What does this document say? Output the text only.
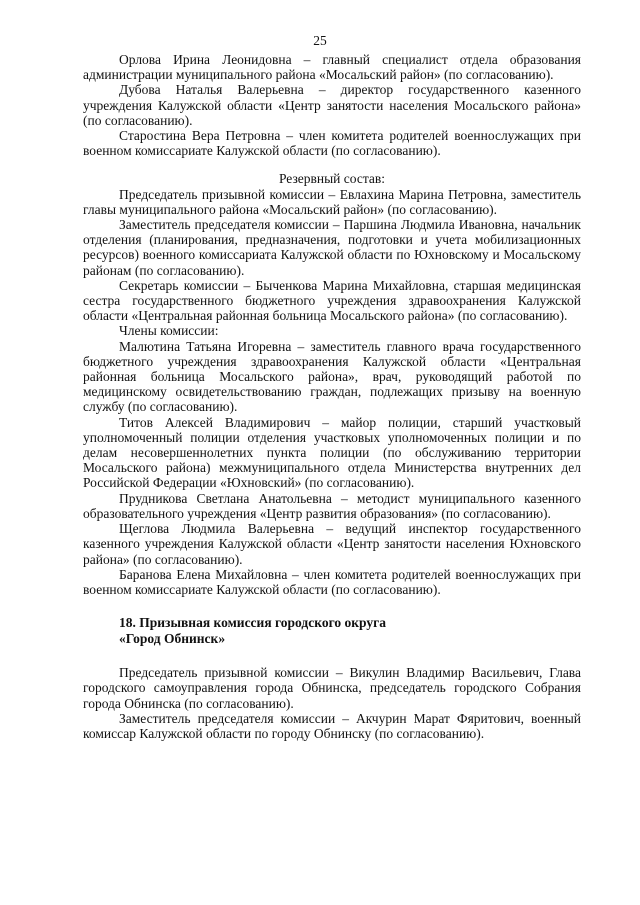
25

Орлова Ирина Леонидовна – главный специалист отдела образования администрации муниципального района «Мосальский район» (по согласованию).

Дубова Наталья Валерьевна – директор государственного казенного учреждения Калужской области «Центр занятости населения Мосальского района» (по согласованию).

Старостина Вера Петровна – член комитета родителей военнослужащих при военном комиссариате Калужской области (по согласованию).

Резервный состав:

Председатель призывной комиссии – Евлахина Марина Петровна, заместитель главы муниципального района «Мосальский район» (по согласованию).

Заместитель председателя комиссии – Паршина Людмила Ивановна, начальник отделения (планирования, предназначения, подготовки и учета мобилизационных ресурсов) военного комиссариата Калужской области по Юхновскому и Мосальскому районам (по согласованию).

Секретарь комиссии – Быченкова Марина Михайловна, старшая медицинская сестра государственного бюджетного учреждения здравоохранения Калужской области «Центральная районная больница Мосальского района» (по согласованию).

Члены комиссии:

Малютина Татьяна Игоревна – заместитель главного врача государственного бюджетного учреждения здравоохранения Калужской области «Центральная районная больница Мосальского района», врач, руководящий работой по медицинскому освидетельствованию граждан, подлежащих призыву на военную службу (по согласованию).

Титов Алексей Владимирович – майор полиции, старший участковый уполномоченный полиции отделения участковых уполномоченных полиции и по делам несовершеннолетних пункта полиции (по обслуживанию территории Мосальского района) межмуниципального отдела Министерства внутренних дел Российской Федерации «Юхновский» (по согласованию).

Прудникова Светлана Анатольевна – методист муниципального казенного образовательного учреждения «Центр развития образования» (по согласованию).

Щеглова Людмила Валерьевна – ведущий инспектор государственного казенного учреждения Калужской области «Центр занятости населения Юхновского района» (по согласованию).

Баранова Елена Михайловна – член комитета родителей военнослужащих при военном комиссариате Калужской области (по согласованию).

18. Призывная комиссия городского округа

«Город Обнинск»

Председатель призывной комиссии – Викулин Владимир Васильевич, Глава городского самоуправления города Обнинска, председатель городского Собрания города Обнинска (по согласованию).

Заместитель председателя комиссии – Акчурин Марат Фяритович, военный комиссар Калужской области по городу Обнинску (по согласованию).
